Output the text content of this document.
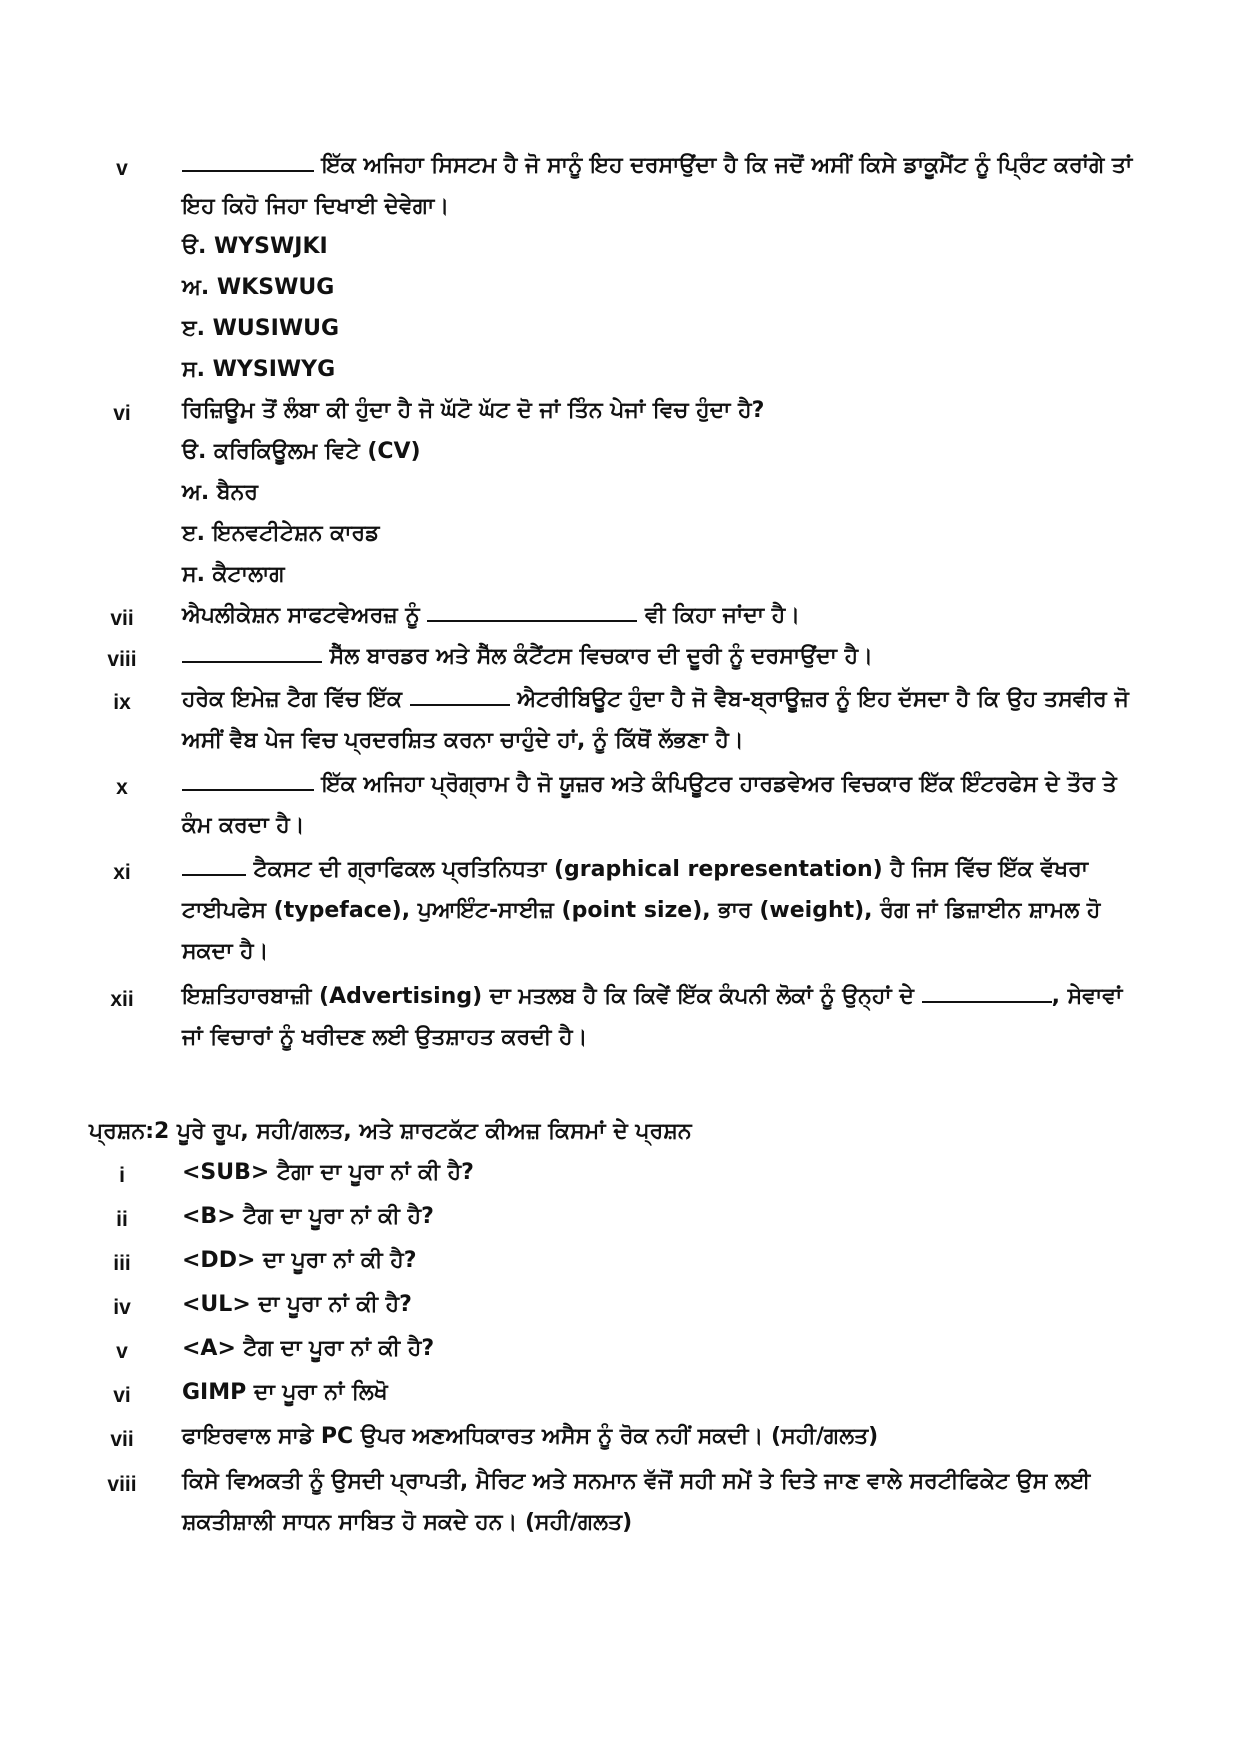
v	ਇੱਕ ਅਜਿਹਾ ਸਿਸਟਮ ਹੈ ਜੋ ਸਾਨੂੰ ਇਹ ਦਰਸਾਉਂਦਾ ਹੈ ਕਿ ਜਦੋਂ ਅਸੀਂ ਕਿਸੇ ਡਾਕੂਮੈਂਟ ਨੂੰ ਪ੍ਰਿੰਟ ਕਰਾਂਗੇ ਤਾਂ ਇਹ ਕਿਹੋ ਜਿਹਾ ਦਿਖਾਈ ਦੇਵੇਗਾ।
ੳ. WYSWJKI
ਅ. WKSWUG
ੲ. WUSIWUG
ਸ. WYSIWYG
vi	ਰਿਜ਼ਿਊਮ ਤੋਂ ਲੰਬਾ ਕੀ ਹੁੰਦਾ ਹੈ ਜੋ ਘੱਟੋ ਘੱਟ ਦੋ ਜਾਂ ਤਿੰਨ ਪੇਜਾਂ ਵਿਚ ਹੁੰਦਾ ਹੈ?
ੳ. ਕਰਿਕਿਊਲਮ ਵਿਟੇ (CV)
ਅ. ਬੈਨਰ
ੲ. ਇਨਵਟੀਟੇਸ਼ਨ ਕਾਰਡ
ਸ. ਕੈਟਾਲਾਗ
vii	ਐਪਲੀਕੇਸ਼ਨ ਸਾਫਟਵੇਅਰਜ਼ ਨੂੰ	ਵੀ ਕਿਹਾ ਜਾਂਦਾ ਹੈ।
viii	ਸੈੱਲ ਬਾਰਡਰ ਅਤੇ ਸੈੱਲ ਕੰਟੈਂਟਸ ਵਿਚਕਾਰ ਦੀ ਦੂਰੀ ਨੂੰ ਦਰਸਾਉਂਦਾ ਹੈ।
ix	ਹਰੇਕ ਇਮੇਜ਼ ਟੈਗ ਵਿੱਚ ਇੱਕ	ਐਟਰੀਬਿਊਟ ਹੁੰਦਾ ਹੈ ਜੋ ਵੈਬ-ਬ੍ਰਾਊਜ਼ਰ ਨੂੰ ਇਹ ਦੱਸਦਾ ਹੈ ਕਿ ਉਹ ਤਸਵੀਰ ਜੋ ਅਸੀਂ ਵੈਬ ਪੇਜ ਵਿਚ ਪ੍ਰਦਰਸ਼ਿਤ ਕਰਨਾ ਚਾਹੁੰਦੇ ਹਾਂ, ਨੂੰ ਕਿੱਥੋਂ ਲੱਭਣਾ ਹੈ।
x	ਇੱਕ ਅਜਿਹਾ ਪ੍ਰੋਗ੍ਰਾਮ ਹੈ ਜੋ ਯੂਜ਼ਰ ਅਤੇ ਕੰਪਿਊਟਰ ਹਾਰਡਵੇਅਰ ਵਿਚਕਾਰ ਇੱਕ ਇੰਟਰਫੇਸ ਦੇ ਤੌਰ ਤੇ ਕੰਮ ਕਰਦਾ ਹੈ।
xi	ਟੈਕਸਟ ਦੀ ਗ੍ਰਾਫਿਕਲ ਪ੍ਰਤਿਨਿਧਤਾ (graphical representation) ਹੈ ਜਿਸ ਵਿੱਚ ਇੱਕ ਵੱਖਰਾ ਟਾਈਪਫੇਸ (typeface), ਪੁਆਇੰਟ-ਸਾਈਜ਼ (point size), ਭਾਰ (weight), ਰੰਗ ਜਾਂ ਡਿਜ਼ਾਈਨ ਸ਼ਾਮਲ ਹੋ ਸਕਦਾ ਹੈ।
xii	ਇਸ਼ਤਿਹਾਰਬਾਜ਼ੀ (Advertising) ਦਾ ਮਤਲਬ ਹੈ ਕਿ ਕਿਵੇਂ ਇੱਕ ਕੰਪਨੀ ਲੋਕਾਂ ਨੂੰ ਉਨ੍ਹਾਂ ਦੇ	, ਸੇਵਾਵਾਂ ਜਾਂ ਵਿਚਾਰਾਂ ਨੂੰ ਖਰੀਦਣ ਲਈ ਉਤਸ਼ਾਹਤ ਕਰਦੀ ਹੈ।
ਪ੍ਰਸ਼ਨ:2 ਪੂਰੇ ਰੂਪ, ਸਹੀ/ਗਲਤ, ਅਤੇ ਸ਼ਾਰਟਕੱਟ ਕੀਅਜ਼ ਕਿਸਮਾਂ ਦੇ ਪ੍ਰਸ਼ਨ
i	<SUB> ਟੈਗਾ ਦਾ ਪੂਰਾ ਨਾਂ ਕੀ ਹੈ?
ii	<B> ਟੈਗ ਦਾ ਪੂਰਾ ਨਾਂ ਕੀ ਹੈ?
iii	<DD> ਦਾ ਪੂਰਾ ਨਾਂ ਕੀ ਹੈ?
iv	<UL> ਦਾ ਪੂਰਾ ਨਾਂ ਕੀ ਹੈ?
v	<A> ਟੈਗ ਦਾ ਪੂਰਾ ਨਾਂ ਕੀ ਹੈ?
vi	GIMP ਦਾ ਪੂਰਾ ਨਾਂ ਲਿਖੋ
vii	ਫਾਇਰਵਾਲ ਸਾਡੇ PC ਉਪਰ ਅਣਅਧਿਕਾਰਤ ਅਸੈਸ ਨੂੰ ਰੋਕ ਨਹੀਂ ਸਕਦੀ। (ਸਹੀ/ਗਲਤ)
viii	ਕਿਸੇ ਵਿਅਕਤੀ ਨੂੰ ਉਸਦੀ ਪ੍ਰਾਪਤੀ, ਮੈਰਿਟ ਅਤੇ ਸਨਮਾਨ ਵੱਜੋਂ ਸਹੀ ਸਮੇਂ ਤੇ ਦਿਤੇ ਜਾਣ ਵਾਲੇ ਸਰਟੀਫਿਕੇਟ ਉਸ ਲਈ ਸ਼ਕਤੀਸ਼ਾਲੀ ਸਾਧਨ ਸਾਬਿਤ ਹੋ ਸਕਦੇ ਹਨ। (ਸਹੀ/ਗਲਤ)
